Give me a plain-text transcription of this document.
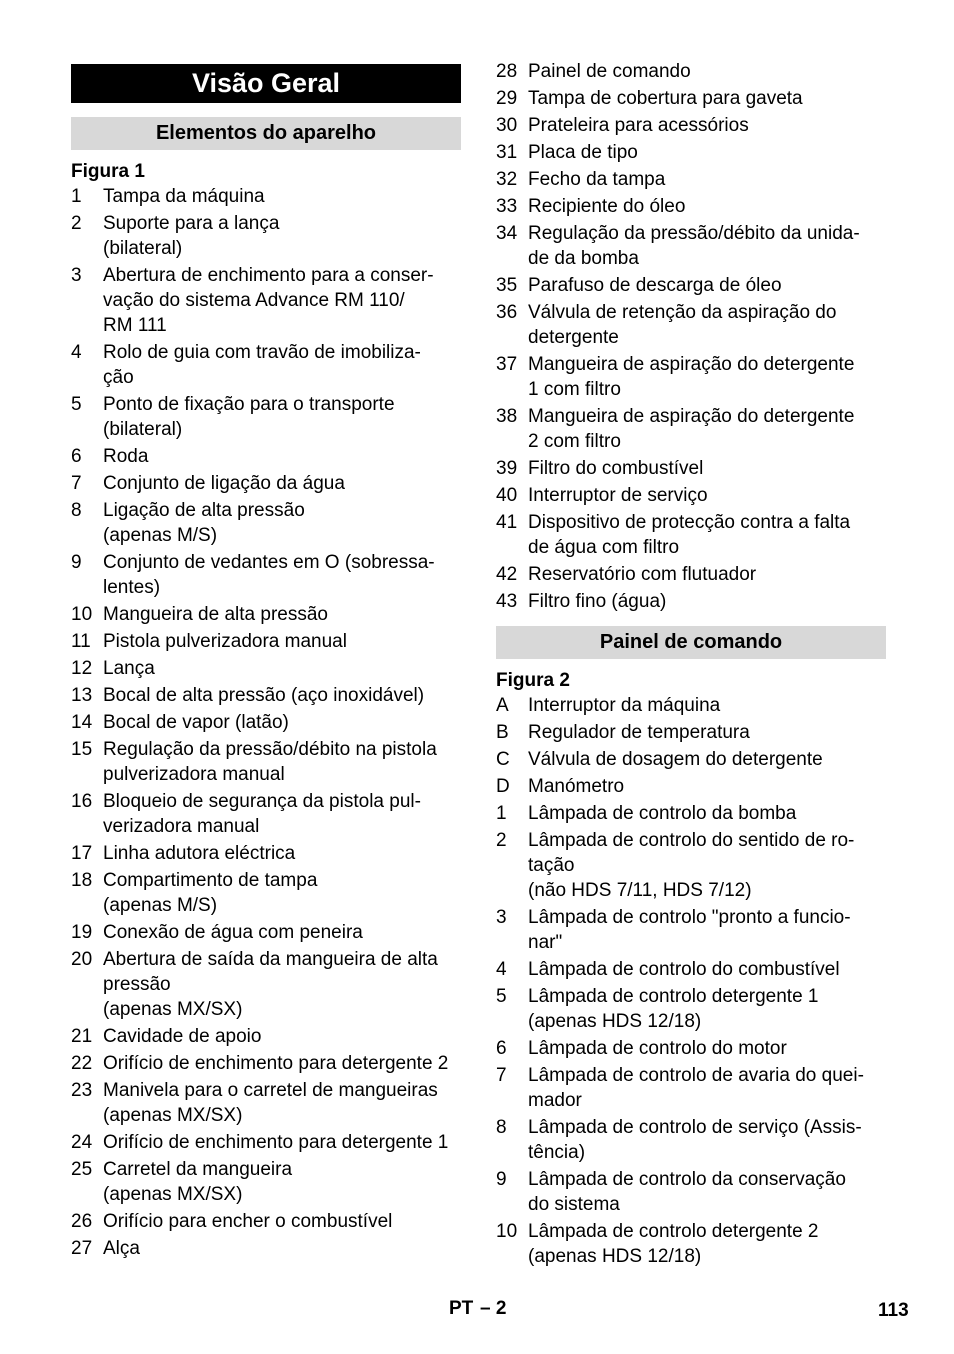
Visão Geral
Elementos do aparelho
Figura 1
1	Tampa da máquina
2	Suporte para a lança
(bilateral)
3	Abertura de enchimento para a conser-
vação do sistema Advance RM 110/
RM 111
4	Rolo de guia com travão de imobiliza-
ção
5	Ponto de fixação para o transporte
(bilateral)
6	Roda
7	Conjunto de ligação da água
8	Ligação de alta pressão
(apenas M/S)
9	Conjunto de vedantes em O (sobressa-
lentes)
10 Mangueira de alta pressão
11 Pistola pulverizadora manual
12 Lança
13 Bocal de alta pressão (aço inoxidável)
14 Bocal de vapor (latão)
15 Regulação da pressão/débito na pistola
pulverizadora manual
16 Bloqueio de segurança da pistola pul-
verizadora manual
17 Linha adutora eléctrica
18 Compartimento de tampa
(apenas M/S)
19 Conexão de água com peneira
20 Abertura de saída da mangueira de alta
pressão
(apenas MX/SX)
21 Cavidade de apoio
22 Orifício de enchimento para detergente 2
23 Manivela para o carretel de mangueiras
(apenas MX/SX)
24 Orifício de enchimento para detergente 1
25 Carretel da mangueira
(apenas MX/SX)
26 Orifício para encher o combustível
27 Alça
28 Painel de comando
29 Tampa de cobertura para gaveta
30 Prateleira para acessórios
31 Placa de tipo
32 Fecho da tampa
33 Recipiente do óleo
34 Regulação da pressão/débito da unida-
de da bomba
35 Parafuso de descarga de óleo
36 Válvula de retenção da aspiração do
detergente
37 Mangueira de aspiração do detergente
1 com filtro
38 Mangueira de aspiração do detergente
2 com filtro
39 Filtro do combustível
40 Interruptor de serviço
41 Dispositivo de protecção contra a falta
de água com filtro
42 Reservatório com flutuador
43 Filtro fino (água)
Painel de comando
Figura 2
A	Interruptor da máquina
B	Regulador de temperatura
C Válvula de dosagem do detergente
D Manómetro
1	Lâmpada de controlo da bomba
2	Lâmpada de controlo do sentido de ro-
tação
(não HDS 7/11, HDS 7/12)
3	Lâmpada de controlo "pronto a funcio-
nar"
4	Lâmpada de controlo do combustível
5	Lâmpada de controlo detergente 1
(apenas HDS 12/18)
6	Lâmpada de controlo do motor
7	Lâmpada de controlo de avaria do quei-
mador
8	Lâmpada de controlo de serviço (Assis-
tência)
9	Lâmpada de controlo da conservação
do sistema
10 Lâmpada de controlo detergente 2
(apenas HDS 12/18)
PT – 2	113
